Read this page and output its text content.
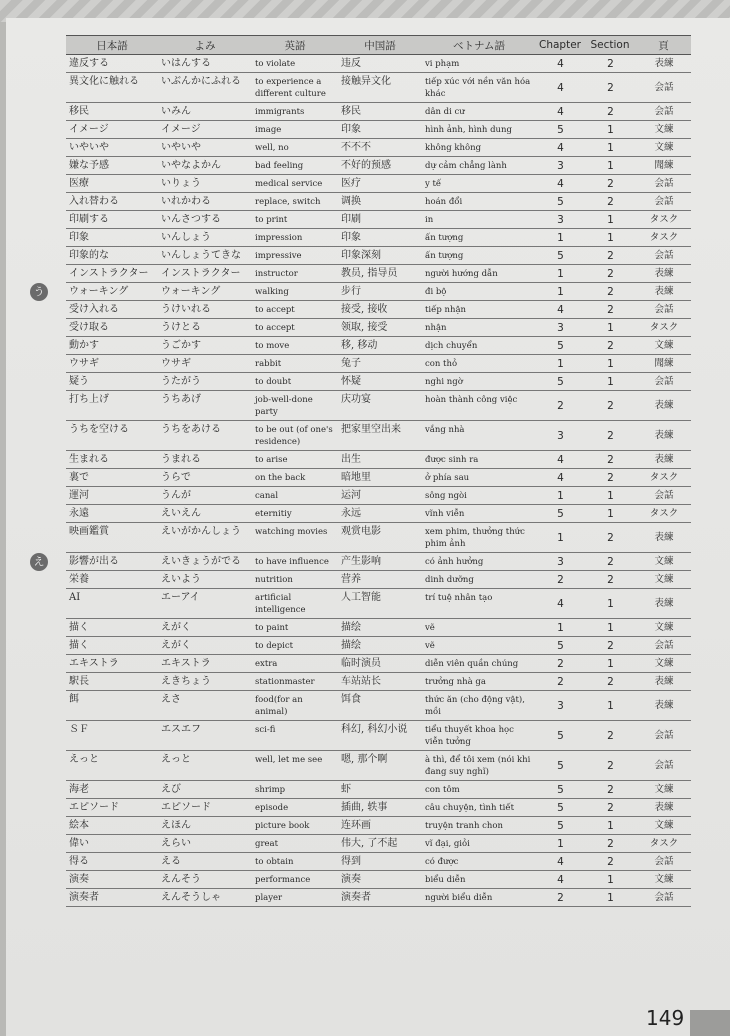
日本語	よみ	英語	中国語	ベトナム語	Chapter	Section	頁
違反する	いはんする	to violate	违反	vi phạm	4	2	表練
異文化に触れる	いぶんかにふれる	to experience a different culture	接触异文化	tiếp xúc với nền văn hóa khác	4	2	会話
移民	いみん	immigrants	移民	dân di cư	4	2	会話
イメージ	イメージ	image	印象	hình ảnh, hình dung	5	1	文練
いやいや	いやいや	well, no	不不不	không không	4	1	文練
嫌な予感	いやなよかん	bad feeling	不好的预感	dự cảm chẳng lành	3	1	聞練
医療	いりょう	medical service	医疗	y tế	4	2	会話
入れ替わる	いれかわる	replace, switch	调换	hoán đổi	5	2	会話
印刷する	いんさつする	to print	印刷	in	3	1	タスク
印象	いんしょう	impression	印象	ấn tượng	1	1	タスク
印象的な	いんしょうてきな	impressive	印象深刻	ấn tượng	5	2	会話
インストラクター	インストラクター	instructor	教员, 指导员	người hướng dẫn	1	2	表練
ウォーキング	ウォーキング	walking	步行	đi bộ	1	2	表練
受け入れる	うけいれる	to accept	接受, 接收	tiếp nhận	4	2	会話
受け取る	うけとる	to accept	领取, 接受	nhận	3	1	タスク
動かす	うごかす	to move	移, 移动	dịch chuyển	5	2	文練
ウサギ	ウサギ	rabbit	兔子	con thỏ	1	1	聞練
疑う	うたがう	to doubt	怀疑	nghi ngờ	5	1	会話
打ち上げ	うちあげ	job-well-done party	庆功宴	hoàn thành công việc	2	2	表練
うちを空ける	うちをあける	to be out (of one's residence)	把家里空出来	vắng nhà	3	2	表練
生まれる	うまれる	to arise	出生	được sinh ra	4	2	表練
裏で	うらで	on the back	暗地里	ở phía sau	4	2	タスク
運河	うんが	canal	运河	sông ngòi	1	1	会話
永遠	えいえん	eternitiy	永远	vĩnh viễn	5	1	タスク
映画鑑賞	えいがかんしょう	watching movies	观赏电影	xem phim, thưởng thức phim ảnh	1	2	表練
影響が出る	えいきょうがでる	to have influence	产生影响	có ảnh hưởng	3	2	文練
栄養	えいよう	nutrition	营养	dinh dưỡng	2	2	文練
AI	エーアイ	artificial intelligence	人工智能	trí tuệ nhân tạo	4	1	表練
描く	えがく	to paint	描绘	vẽ	1	1	文練
描く	えがく	to depict	描绘	vẽ	5	2	会話
エキストラ	エキストラ	extra	临时演员	diễn viên quần chúng	2	1	文練
駅長	えきちょう	stationmaster	车站站长	trưởng nhà ga	2	2	表練
餌	えさ	food(for an animal)	饵食	thức ăn (cho động vật), mồi	3	1	表練
ＳＦ	エスエフ	sci-fi	科幻, 科幻小说	tiểu thuyết khoa học viễn tưởng	5	2	会話
えっと	えっと	well, let me see	嗯, 那个啊	à thì, để tôi xem (nói khi đang suy nghĩ)	5	2	会話
海老	えび	shrimp	虾	con tôm	5	2	文練
エピソード	エピソード	episode	插曲, 轶事	câu chuyện, tình tiết	5	2	表練
絵本	えほん	picture book	连环画	truyện tranh chon	5	1	文練
偉い	えらい	great	伟大, 了不起	vĩ đại, giỏi	1	2	タスク
得る	える	to obtain	得到	có được	4	2	会話
演奏	えんそう	performance	演奏	biểu diễn	4	1	文練
演奏者	えんそうしゃ	player	演奏者	người biểu diễn	2	1	会話
149
う
え
